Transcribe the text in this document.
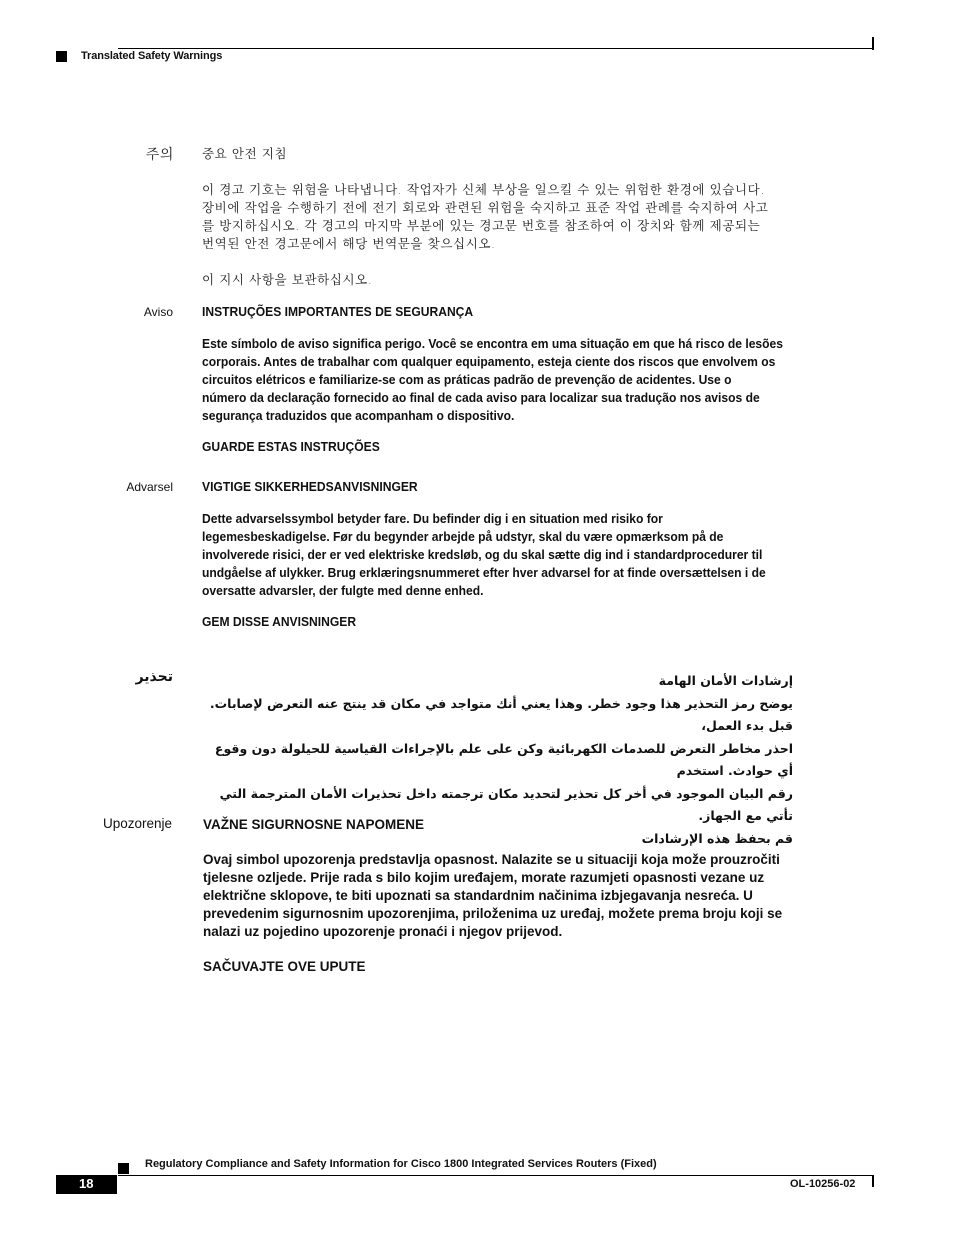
Translated Safety Warnings
주의 중요 안전 지침

이 경고 기호는 위험을 나타냅니다. 작업자가 신체 부상을 일으킬 수 있는 위험한 환경에 있습니다.

장비에 작업을 수행하기 전에 전기 회로와 관련된 위험을 숙지하고 표준 작업 관례를 숙지하여 사고

를 방지하십시오. 각 경고의 마지막 부분에 있는 경고문 번호를 참조하여 이 장치와 함께 제공되는

번역된 안전 경고문에서 해당 번역문을 찾으십시오.

이 지시 사항을 보관하십시오.

Aviso INSTRUÇÕES IMPORTANTES DE SEGURANÇA

Este símbolo de aviso significa perigo. Você se encontra em uma situação em que há risco de lesões

corporais. Antes de trabalhar com qualquer equipamento, esteja ciente dos riscos que envolvem os

circuitos elétricos e familiarize-se com as práticas padrão de prevenção de acidentes. Use o

número da declaração fornecido ao final de cada aviso para localizar sua tradução nos avisos de

segurança traduzidos que acompanham o dispositivo.

GUARDE ESTAS INSTRUÇÕES

Advarsel VIGTIGE SIKKERHEDSANVISNINGER

Dette advarselssymbol betyder fare. Du befinder dig i en situation med risiko for

legemesbeskadigelse. Før du begynder arbejde på udstyr, skal du være opmærksom på de

involverede risici, der er ved elektriske kredsløb, og du skal sætte dig ind i standardprocedurer til

undgåelse af ulykker. Brug erklæringsnummeret efter hver advarsel for at finde oversættelsen i de

oversatte advarsler, der fulgte med denne enhed.

GEM DISSE ANVISNINGER

تحذير	إرشادات الأمان الهامة

يوضح رمز التحذير هذا وجود خطر. وهذا يعني أنك متواجد في مكان قد ينتج عنه التعرض لإصابات. قبل بدء العمل،

احذر مخاطر التعرض للصدمات الكهربائية وكن على علم بالإجراءات القياسية للحيلولة دون وقوع أي حوادث. استخدم

رقم البيان الموجود في أخر كل تحذير لتحديد مكان ترجمته داخل تحذيرات الأمان المترجمة التي تأتي مع الجهاز.

قم بحفظ هذه الإرشادات

Upozorenje VAŽNE SIGURNOSNE NAPOMENE

Ovaj simbol upozorenja predstavlja opasnost. Nalazite se u situaciji koja može prouzročiti

tjelesne ozljede. Prije rada s bilo kojim uređajem, morate razumjeti opasnosti vezane uz

električne sklopove, te biti upoznati sa standardnim načinima izbjegavanja nesreća. U

prevedenim sigurnosnim upozorenjima, priloženima uz uređaj, možete prema broju koji se

nalazi uz pojedino upozorenje pronaći i njegov prijevod.

SAČUVAJTE OVE UPUTE

Regulatory Compliance and Safety Information for Cisco 1800 Integrated Services Routers (Fixed)
18	OL-10256-02
